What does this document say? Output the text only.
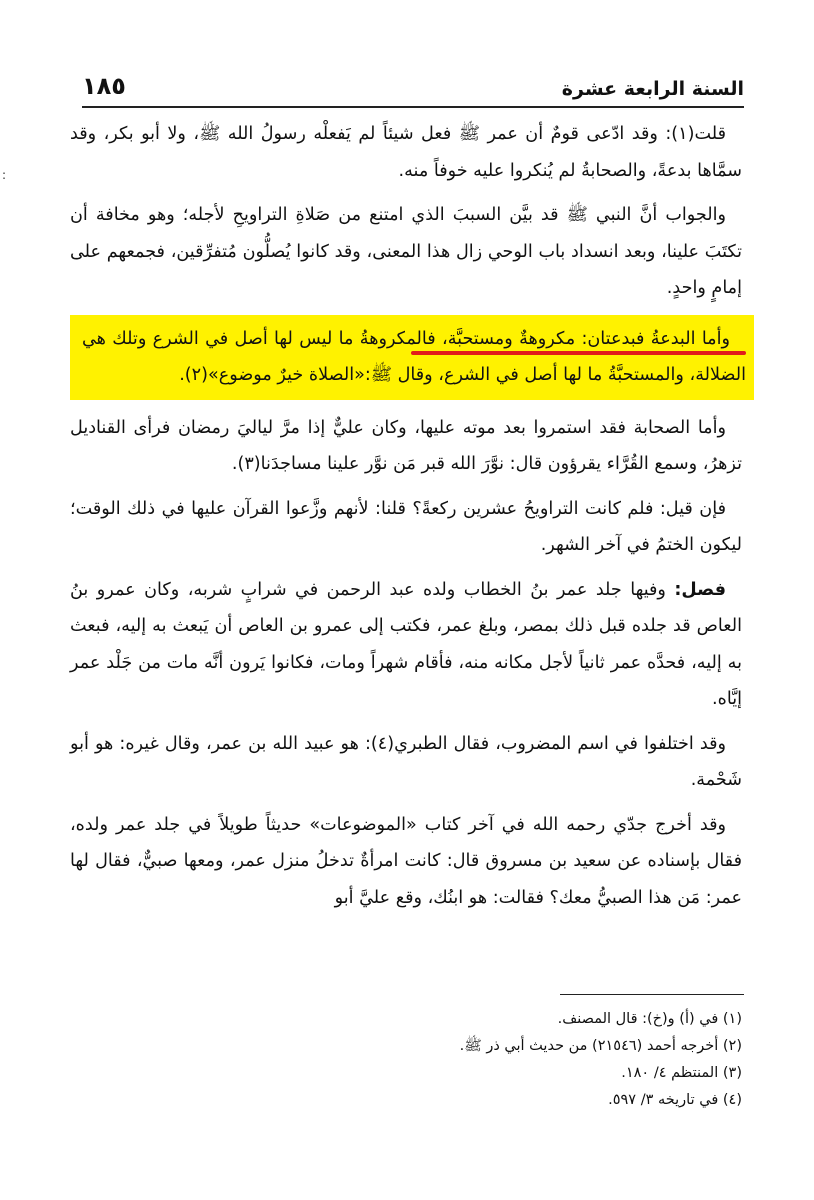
:
السنة الرابعة عشرة
١٨٥

قلت(١): وقد ادّعى قومٌ أن عمر ﷺ فعل شيئاً لم يَفعلْه رسولُ الله ﷺ، ولا أبو بكر، وقد سمَّاها بدعةً، والصحابةُ لم يُنكروا عليه خوفاً منه.

والجواب أنَّ النبي ﷺ قد بيَّن السببَ الذي امتنع من صَلاةِ التراويحِ لأجله؛ وهو مخافة أن تكتَبَ علينا، وبعد انسداد باب الوحي زال هذا المعنى، وقد كانوا يُصلُّون مُتفرِّقين، فجمعهم على إمامٍ واحدٍ.

وأما البدعةُ فبدعتان: مكروهةٌ ومستحبَّة، فالمكروهةُ ما ليس لها أصل في الشرع وتلك هي الضلالة، والمستحبَّةُ ما لها أصل في الشرع، وقال ﷺ:«الصلاة خيرٌ موضوع»(٢).

وأما الصحابة فقد استمروا بعد موته عليها، وكان عليٌّ إذا مرَّ لياليَ رمضان فرأى القناديل تزهرُ، وسمع القُرَّاء يقرؤون قال: نوَّرَ الله قبر مَن نوَّر علينا مساجدَنا(٣).

فإن قيل: فلم كانت التراويحُ عشرين ركعةً؟ قلنا: لأنهم وزَّعوا القرآن عليها في ذلك الوقت؛ ليكون الختمُ في آخر الشهر.

فصل: وفيها جلد عمر بنُ الخطاب ولده عبد الرحمن في شرابٍ شربه، وكان عمرو بنُ العاص قد جلده قبل ذلك بمصر، وبلغ عمر، فكتب إلى عمرو بن العاص أن يَبعث به إليه، فبعث به إليه، فحدَّه عمر ثانياً لأجل مكانه منه، فأقام شهراً ومات، فكانوا يَرون أنَّه مات من جَلْد عمر إيَّاه.

وقد اختلفوا في اسم المضروب، فقال الطبري(٤): هو عبيد الله بن عمر، وقال غيره: هو أبو شَحْمة.

وقد أخرج جدّي رحمه الله في آخر كتاب «الموضوعات» حديثاً طويلاً في جلد عمر ولده، فقال بإسناده عن سعيد بن مسروق قال: كانت امرأةٌ تدخلُ منزل عمر، ومعها صبيٌّ، فقال لها عمر: مَن هذا الصبيُّ معك؟ فقالت: هو ابنُك، وقع عليَّ أبو

(١) في (أ) و(خ): قال المصنف.
(٢) أخرجه أحمد (٢١٥٤٦) من حديث أبي ذر ﷺ.
(٣) المنتظم ٤/ ١٨٠.
(٤) في تاريخه ٣/ ٥٩٧.
